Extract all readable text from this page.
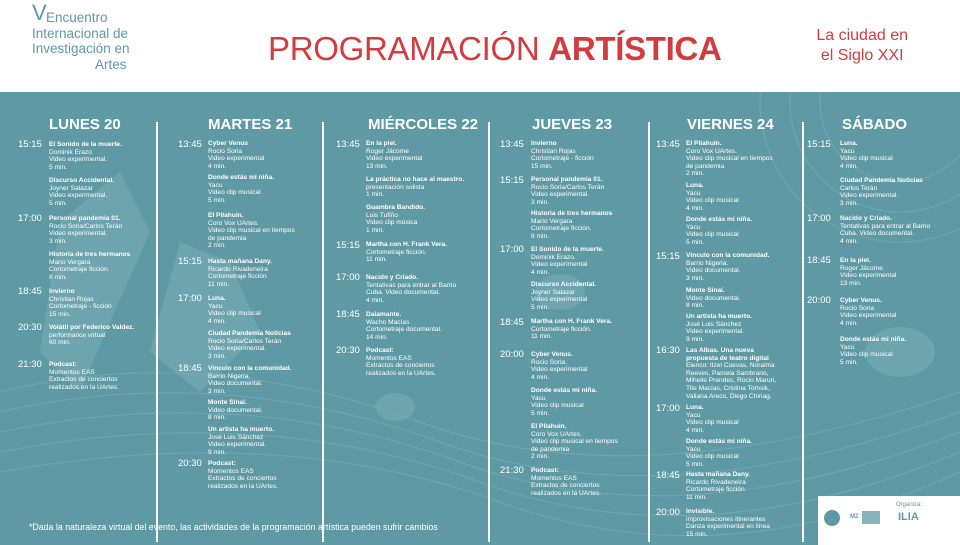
V Encuentro
Internacional de
Investigación en
Artes	PROGRAMACIÓN ARTÍSTICA	La ciudad en
el Siglo XXI
LUNES 20
15:15 El Sonido de la muerte.
Dominik Erazo
Video experimental.
5 min.
Discurso Accidental.
Joyner Salazar
Video experimental.
5 min.
17:00 Personal pandemia 01.
Rocio Soria/Carlos Terán
Video experimental.
3 min.
Historia de tres hermanos
Mario Vergara
Cortometraje ficción.
8 min.
18:45 Invierno
Christian Rojas
Cortometraje - ficción
15 min.
20:30 Volátil por Federico Valdez.
performance virtual
60 min.
21:30 Podcast:
Momentos EAS
Extractos de conciertos
realizados en la UArtes.
MARTES 21
13:45 Cyber Venus
Rocio Soria
Video experimental
4 min.
Donde estás mi niña.
Yacu
Video clip musical
5 min.
El Pilahuin.
Coro Vox UArtes.
Video clip musical en tiempos
de pandemia
2 min.
15:15 Hasta mañana Dany.
Ricardo Rivadeneira
Cortometraje ficción
11 min.
17:00 Luna.
Yacu
Video clip musical
4 min.
Ciudad Pandemia Noticias
Rocio Soria/Carlos Terán
Video experimental.
3 min.
18:45 Vínculo con la comunidad.
Barrio Nigeria.
Video documental.
3 min.
Monte Sinaí.
Video documental.
8 min.
Un artista ha muerto.
José Luis Sánchez
Video experimental.
9 min.
20:30 Podcast:
Momentos EAS
Extractos de conciertos
realizados en la UArtes.
MIÉRCOLES 22
13:45 En la piel.
Roger Jácome
Video experimental
13 min.
La práctica no hace al maestro.
presentación solista
1 min.
Guambra Bandido.
Luis Tufiño
Video clip música
1 min.
15:15 Martha con H. Frank Vera.
Cortometraje ficción.
11 min.
17:00 Nacido y Criado.
Tentativas para entrar al Barrio
Cuba. Video documental.
4 min.
18:45 Daiamante.
Wacho Macías
Cortometraje documental.
14 min.
20:30 Podcast:
Momentos EAS
Extractos de conciertos
realizados en la UArtes.
JUEVES 23
13:45 Invierno
Christian Rojas
Cortometraje - ficción
15 min.
15:15 Personal pandemia 01.
Rocio Soria/Carlos Terán
Video experimental.
3 min.
Historia de tres hermanos
Mario Vergara
Cortometraje ficción.
8 min.
17:00 El Sonido de la muerte.
Dominik Erazo.
Video experimental
4 min.
Discurso Accidental.
Joyner Salazar
Video experimental
5 min.
18:45 Martha con H. Frank Vera.
Cortometraje ficción.
11 min.
20:00 Cyber Venus.
Rocio Soria.
Video experimental
4 min.
Donde estás mi niña.
Yacu
Video clip musical
5 min.
El Pilahuin.
Coro Vox UArtes.
Video clip musical en tiempos
de pandemia
2 min.
21:30 Podcast:
Momentos EAS
Extractos de conciertos
realizados en la UArtes.
VIERNES 24
13:45 El Pilahuin.
Coro Vox UArtes.
Video clip musical en tiempos
de pandemia
2 min.
Luna.
Yacu
Video clip musical
4 min.
Donde estás mi niña.
Yacu
Video clip musical
5 min.
15:15 Vínculo con la comunidad.
Barrio Nigeria.
Video documental.
3 min.
Monte Sinaí.
Video documental.
8 min.
Un artista ha muerto.
José Luis Sánchez
Video experimental.
9 min.
16:30 Las Albas. Una nueva
propuesta de teatro digital
Elenco: Itzel Cuevas, Noralma
Reeves, Pamela Sambrano,
Mihelle Prendes, Rocio Maruri,
Tite Macías, Cristina Tomsik,
Valiana Areco, Diego Chiriag.
17:00 Luna.
Yacu
Video clip musical
4 min.
Donde estás mi niña.
Yacu
Video clip musical
5 min.
18:45 Hasta mañana Dany.
Ricardo Rivadeneira
Cortometraje ficción
11 min.
20:00 Invisible.
improvisaciones itinerantes
Danza experimental en línea
15 min.
SÁBADO
15:15 Luna.
Yacu
Video clip musical
4 min.
Ciudad Pandemia Noticias
Carlos Terán
Video experimental.
3 min.
17:00 Nacido y Criado.
Tentativas para entrar al Barrio
Cuba. Video documental.
4 min.
18:45 En la piel.
Roger Jácome
Video experimental
13 min.
20:00 Cyber Venus.
Rocio Soria
Video experimental
4 min.
Donde estás mi niña.
Yacu
Video clip musical
5 min.
*Dada la naturaleza virtual del evento, las actividades de la programación artística pueden sufrir cambios
MZ
Organiza:
ILIA
